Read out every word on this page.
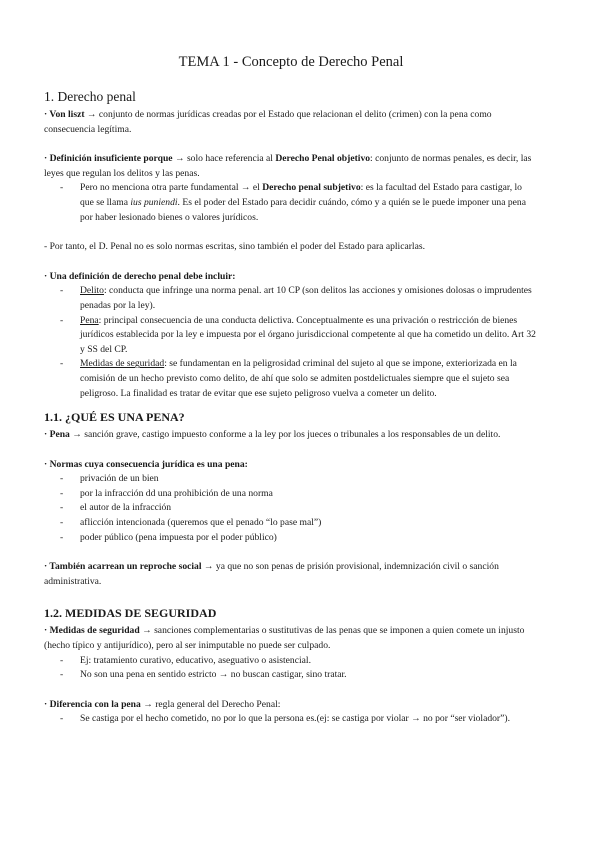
TEMA 1 - Concepto de Derecho Penal
1. Derecho penal

· Von liszt → conjunto de normas jurídicas creadas por el Estado que relacionan el delito (crimen) con la pena como consecuencia legítima.

· Definición insuficiente porque → solo hace referencia al Derecho Penal objetivo: conjunto de normas penales, es decir, las leyes que regulan los delitos y las penas.

- Pero no menciona otra parte fundamental → el Derecho penal subjetivo: es la facultad del Estado para castigar, lo que se llama ius puniendi. Es el poder del Estado para decidir cuándo, cómo y a quién se le puede imponer una pena por haber lesionado bienes o valores jurídicos.

- Por tanto, el D. Penal no es solo normas escritas, sino también el poder del Estado para aplicarlas.

· Una definición de derecho penal debe incluir:

- Delito: conducta que infringe una norma penal. art 10 CP (son delitos las acciones y omisiones dolosas o imprudentes penadas por la ley).
- Pena: principal consecuencia de una conducta delictiva. Conceptualmente es una privación o restricción de bienes jurídicos establecida por la ley e impuesta por el órgano jurisdiccional competente al que ha cometido un delito. Art 32 y SS del CP.
- Medidas de seguridad: se fundamentan en la peligrosidad criminal del sujeto al que se impone, exteriorizada en la comisión de un hecho previsto como delito, de ahí que solo se admiten postdelictuales siempre que el sujeto sea peligroso. La finalidad es tratar de evitar que ese sujeto peligroso vuelva a cometer un delito.
1.1. ¿QUÉ ES UNA PENA?

· Pena → sanción grave, castigo impuesto conforme a la ley por los jueces o tribunales a los responsables de un delito.

· Normas cuya consecuencia jurídica es una pena:

- privación de un bien
- por la infracción dd una prohibición de una norma
- el autor de la infracción
- aflicción intencionada (queremos que el penado “lo pase mal”)
- poder público (pena impuesta por el poder público)

· También acarrean un reproche social → ya que no son penas de prisión provisional, indemnización civil o sanción administrativa.

1.2. MEDIDAS DE SEGURIDAD

· Medidas de seguridad → sanciones complementarias o sustitutivas de las penas que se imponen a quien comete un injusto (hecho típico y antijurídico), pero al ser inimputable no puede ser culpado.

- Ej: tratamiento curativo, educativo, aseguativo o asistencial.
- No son una pena en sentido estricto → no buscan castigar, sino tratar.

· Diferencia con la pena → regla general del Derecho Penal:

- Se castiga por el hecho cometido, no por lo que la persona es.(ej: se castiga por violar → no por “ser violador”).
